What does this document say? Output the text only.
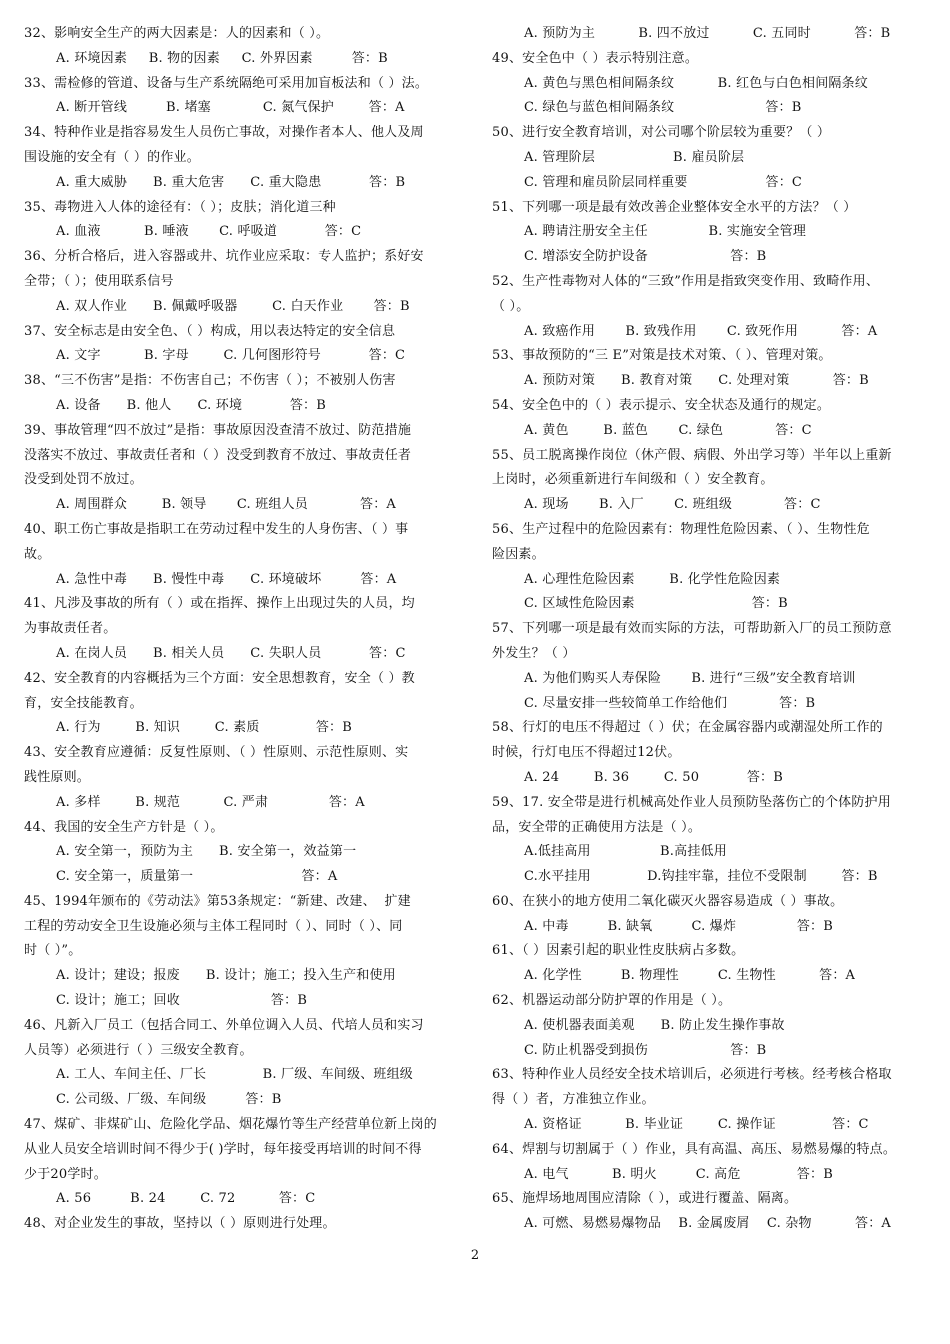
32、影响安全生产的两大因素是：人的因素和（ ）。
A. 环境因素     B. 物的因素     C. 外界因素         答：B
33、需检修的管道、设备与生产系统隔绝可采用加盲板法和（ ）法。
A. 断开管线         B. 堵塞            C. 氮气保护        答：A
34、特种作业是指容易发生人员伤亡事故，对操作者本人、他人及周
围设施的安全有（ ）的作业。
A. 重大威胁      B. 重大危害      C. 重大隐患           答：B
35、毒物进入人体的途径有：（ ）；皮肤；消化道三种
A. 血液          B. 唾液       C. 呼吸道           答：C
36、分析合格后，进入容器或井、坑作业应采取：专人监护；系好安
全带；（ ）；使用联系信号
A. 双人作业      B. 佩戴呼吸器        C. 白天作业       答：B
37、安全标志是由安全色、（ ）构成，用以表达特定的安全信息
A. 文字          B. 字母        C. 几何图形符号           答：C
38、“三不伤害”是指：不伤害自己；不伤害（ ）；不被别人伤害
A. 设备      B. 他人      C. 环境           答：B
39、事故管理“四不放过”是指：事故原因没查清不放过、防范措施
没落实不放过、事故责任者和（ ）没受到教育不放过、事故责任者
没受到处罚不放过。
A. 周围群众        B. 领导       C. 班组人员            答：A
40、职工伤亡事故是指职工在劳动过程中发生的人身伤害、（ ）事
故。
A. 急性中毒      B. 慢性中毒      C. 环境破坏         答：A
41、凡涉及事故的所有（ ）或在指挥、操作上出现过失的人员，均
为事故责任者。
A. 在岗人员      B. 相关人员      C. 失职人员           答：C
42、安全教育的内容概括为三个方面：安全思想教育，安全（ ）教
育，安全技能教育。
A. 行为        B. 知识        C. 素质             答：B
43、安全教育应遵循：反复性原则、（ ）性原则、示范性原则、实
践性原则。
A. 多样        B. 规范          C. 严肃              答：A
44、我国的安全生产方针是（ ）。
A. 安全第一，预防为主      B. 安全第一，效益第一
C. 安全第一，质量第一                         答：A
45、1994年颁布的《劳动法》第53条规定：“新建、改建、  扩建
工程的劳动安全卫生设施必须与主体工程同时（ ）、同时（ ）、同
时（ ）”。
A. 设计；建设；报废      B. 设计；施工；投入生产和使用
C. 设计；施工；回收                     答：B
46、凡新入厂员工（包括合同工、外单位调入人员、代培人员和实习
人员等）必须进行（ ）三级安全教育。
A. 工人、车间主任、厂长             B. 厂级、车间级、班组级
C. 公司级、厂级、车间级         答：B
47、煤矿、非煤矿山、危险化学品、烟花爆竹等生产经营单位新上岗的
从业人员安全培训时间不得少于( )学时，每年接受再培训的时间不得
少于20学时。
A. 56         B. 24        C. 72          答：C
48、对企业发生的事故，坚持以（ ）原则进行处理。
A. 预防为主          B. 四不放过          C. 五同时          答：B
49、安全色中（ ）表示特别注意。
A. 黄色与黑色相间隔条纹          B. 红色与白色相间隔条纹
C. 绿色与蓝色相间隔条纹                     答：B
50、进行安全教育培训，对公司哪个阶层较为重要？（ ）
A. 管理阶层                  B. 雇员阶层
C. 管理和雇员阶层同样重要                  答：C
51、下列哪一项是最有效改善企业整体安全水平的方法？（ ）
A. 聘请注册安全主任              B. 实施安全管理
C. 增添安全防护设备                   答：B
52、生产性毒物对人体的“三致”作用是指致突变作用、致畸作用、
（ ）。
A. 致癌作用       B. 致残作用       C. 致死作用          答：A
53、事故预防的“三 E”对策是技术对策、（ ）、管理对策。
A. 预防对策      B. 教育对策      C. 处理对策          答：B
54、安全色中的（ ）表示提示、安全状态及通行的规定。
A. 黄色        B. 蓝色       C. 绿色            答：C
55、员工脱离操作岗位（休产假、病假、外出学习等）半年以上重新
上岗时，必须重新进行车间级和（ ）安全教育。
A. 现场       B. 入厂       C. 班组级            答：C
56、生产过程中的危险因素有：物理性危险因素、（ ）、生物性危
险因素。
A. 心理性危险因素        B. 化学性危险因素
C. 区域性危险因素                           答：B
57、下列哪一项是最有效而实际的方法，可帮助新入厂的员工预防意
外发生？（ ）
A. 为他们购买人寿保险       B. 进行“三级”安全教育培训
C. 尽量安排一些较简单工作给他们            答：B
58、行灯的电压不得超过（ ）伏；在金属容器内或潮湿处所工作的
时候，行灯电压不得超过12伏。
A. 24        B. 36        C. 50           答：B
59、17. 安全带是进行机械高处作业人员预防坠落伤亡的个体防护用
品，安全带的正确使用方法是（ ）。
A.低挂高用                B.高挂低用
C.水平挂用             D.钩挂牢靠，挂位不受限制        答：B
60、在狭小的地方使用二氧化碳灭火器容易造成（ ）事故。
A. 中毒         B. 缺氧         C. 爆炸              答：B
61、（ ）因素引起的职业性皮肤病占多数。
A. 化学性         B. 物理性         C. 生物性          答：A
62、机器运动部分防护罩的作用是（ ）。
A. 使机器表面美观      B. 防止发生操作事故
C. 防止机器受到损伤                   答：B
63、特种作业人员经安全技术培训后，必须进行考核。经考核合格取
得（ ）者，方准独立作业。
A. 资格证          B. 毕业证        C. 操作证             答：C
64、焊割与切割属于（ ）作业，具有高温、高压、易燃易爆的特点。
A. 电气          B. 明火         C. 高危             答：B
65、施焊场地周围应清除（ ），或进行覆盖、隔离。
A. 可燃、易燃易爆物品    B. 金属废屑    C. 杂物          答：A
2
